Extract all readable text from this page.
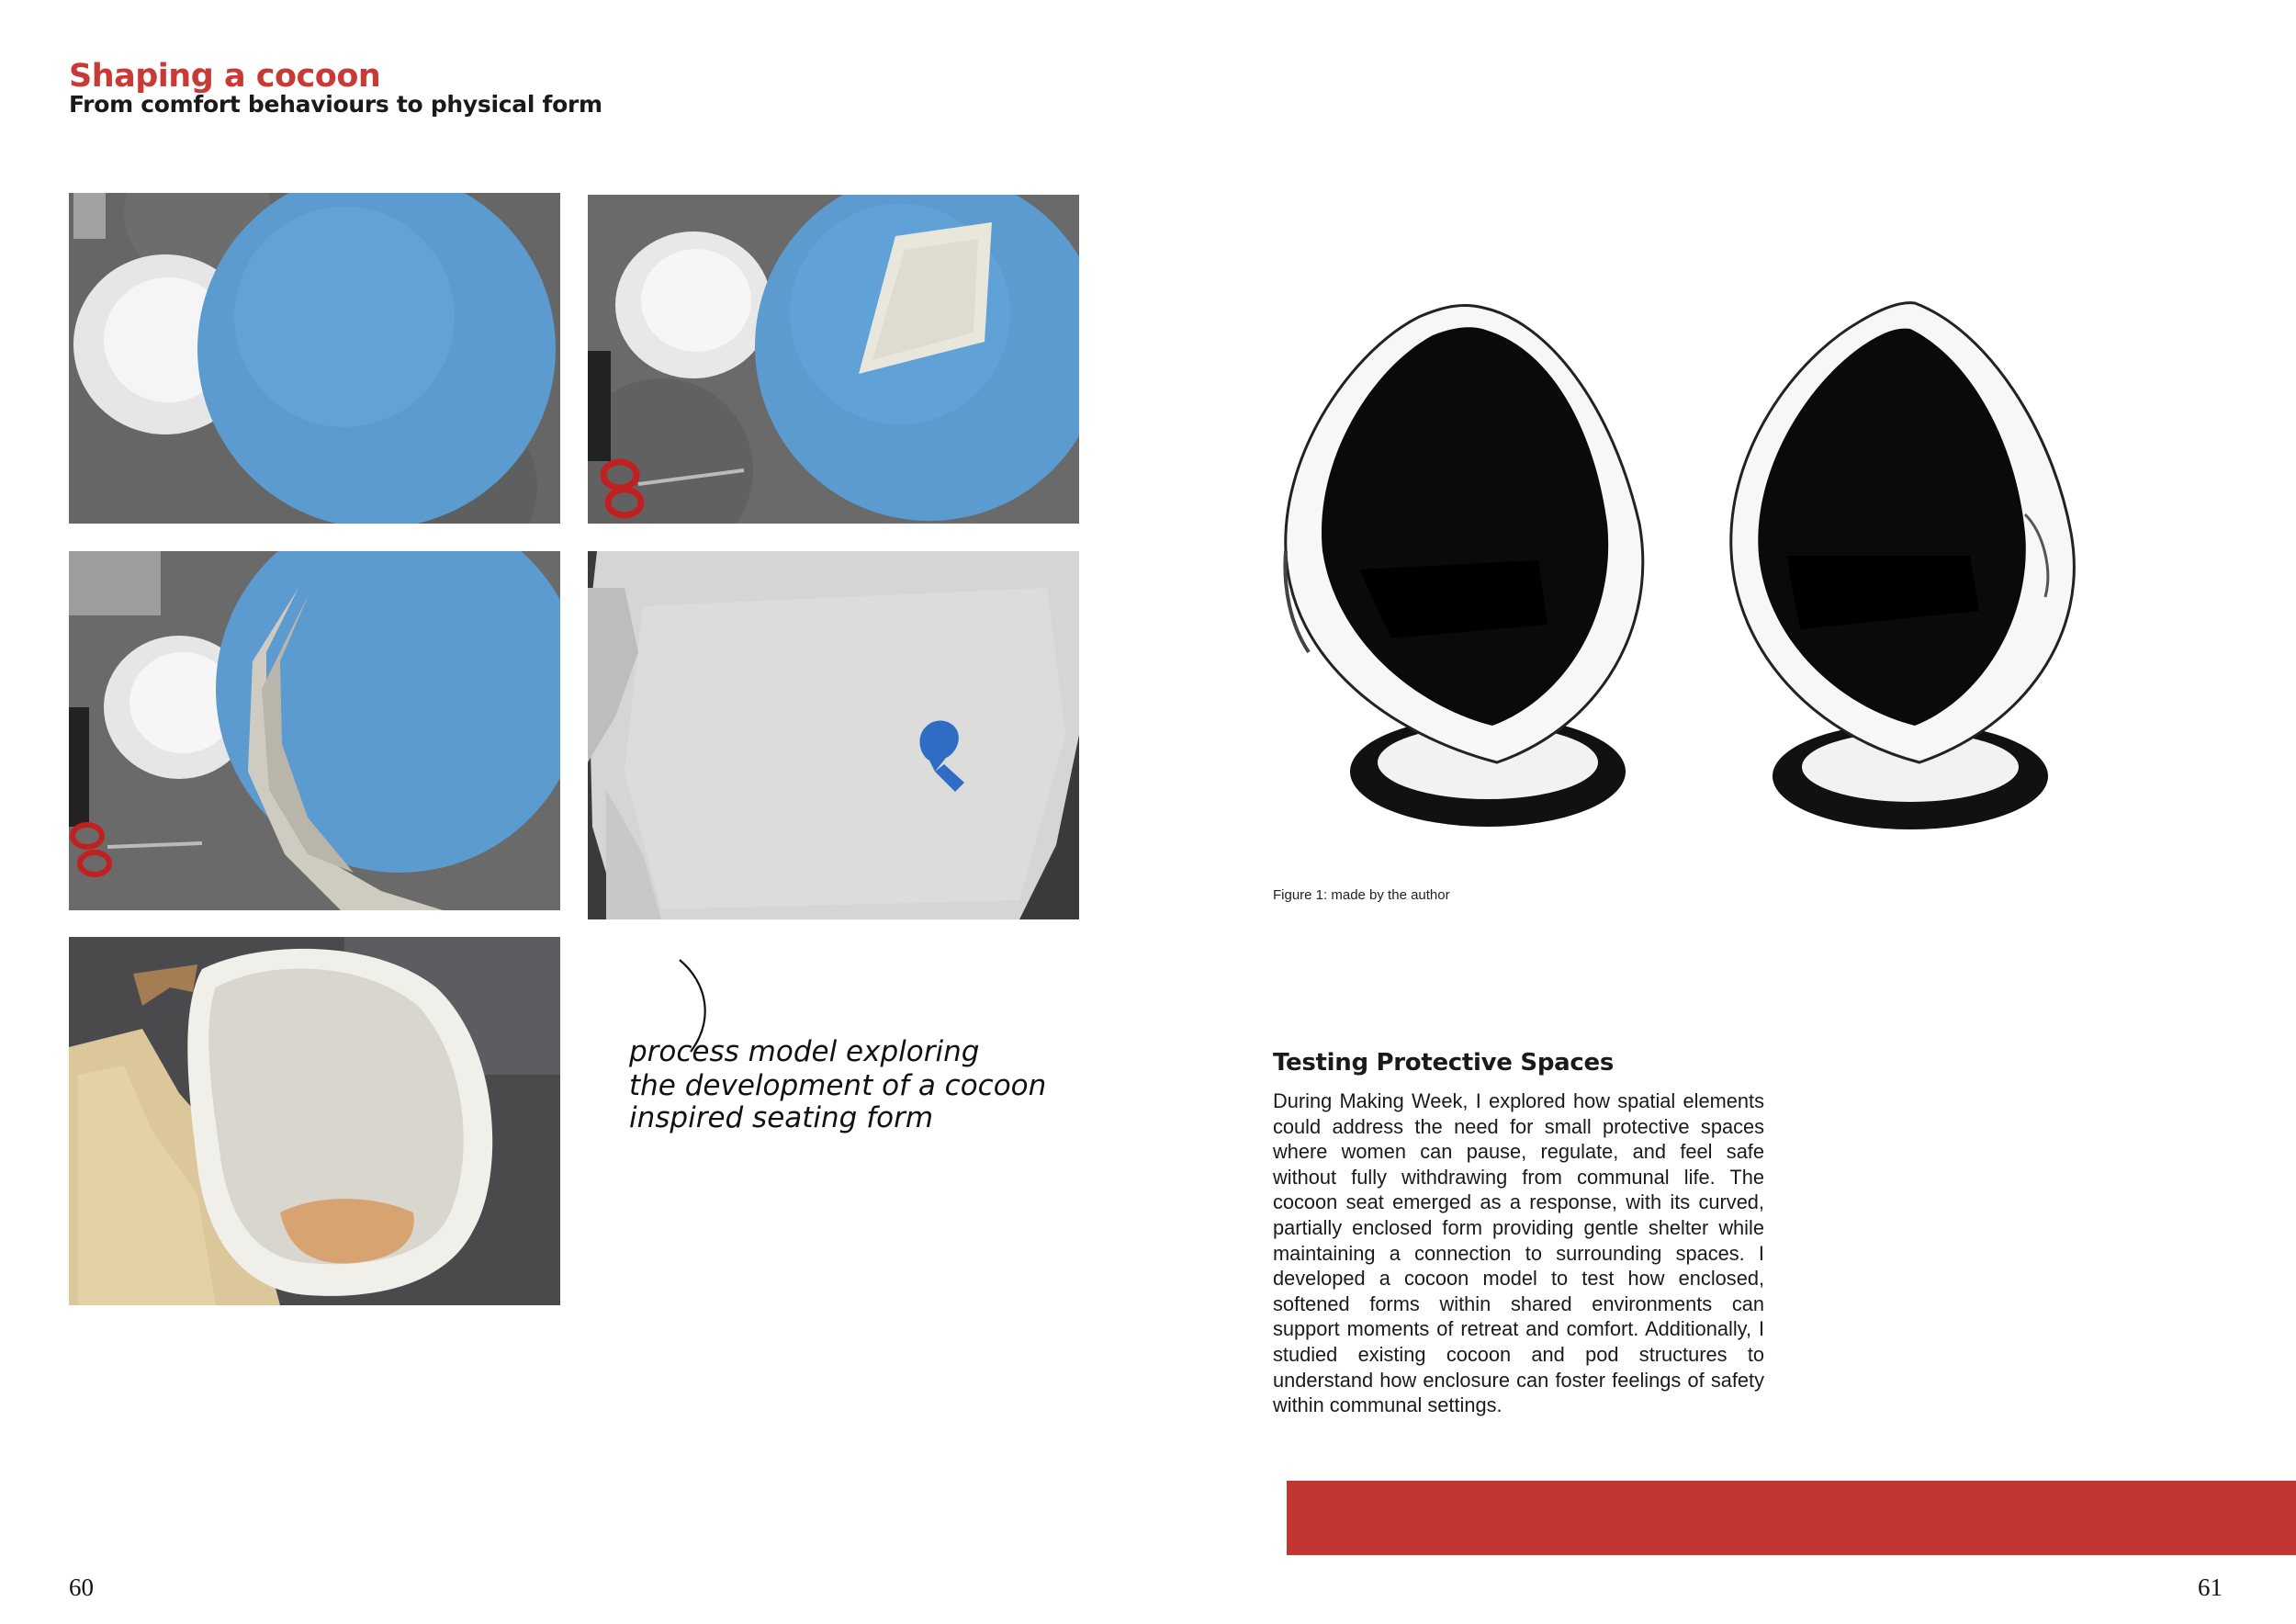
Shaping a cocoon
From comfort behaviours to physical form
process model exploring
the development of a cocoon
inspired seating form
Figure 1: made by the author
Testing Protective Spaces
During Making Week, I explored how spatial elements could address the need for small protective spaces where women can pause, regulate, and feel safe without fully withdrawing from communal life. The cocoon seat emerged as a response, with its curved, partially enclosed form providing gentle shelter while maintaining a connection to surrounding spaces. I developed a cocoon model to test how enclosed, softened forms within shared environments can support moments of retreat and comfort. Additionally, I studied existing cocoon and pod structures to understand how enclosure can foster feelings of safety within communal settings.
60	61
